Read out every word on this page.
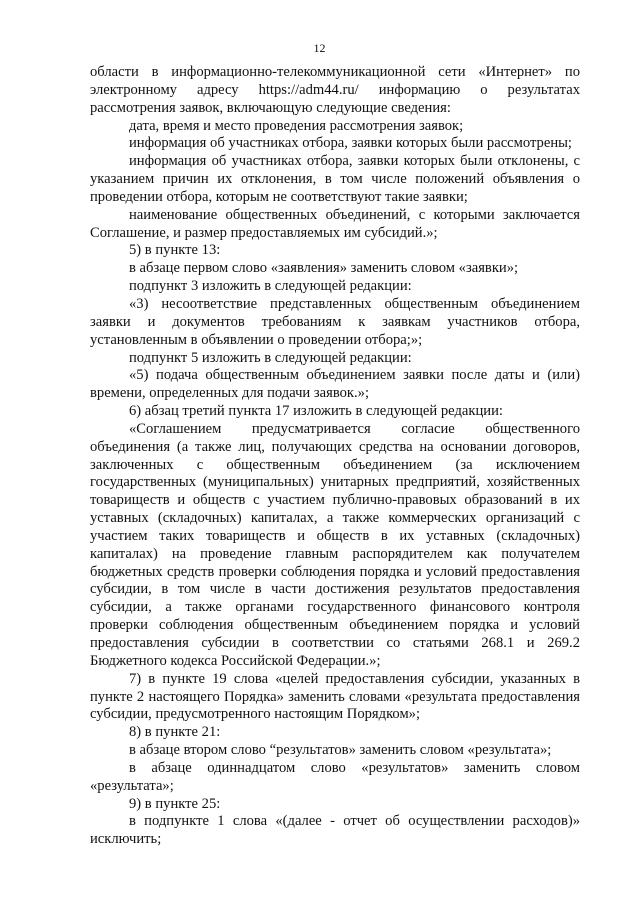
12

области в информационно-телекоммуникационной сети «Интернет» по электронному адресу https://adm44.ru/ информацию о результатах рассмотрения заявок, включающую следующие сведения:

дата, время и место проведения рассмотрения заявок;

информация об участниках отбора, заявки которых были рассмотрены;

информация об участниках отбора, заявки которых были отклонены, с указанием причин их отклонения, в том числе положений объявления о проведении отбора, которым не соответствуют такие заявки;

наименование общественных объединений, с которыми заключается Соглашение, и размер предоставляемых им субсидий.»;

5) в пункте 13:

в абзаце первом слово «заявления» заменить словом «заявки»;

подпункт 3 изложить в следующей редакции:

«3) несоответствие представленных общественным объединением заявки и документов требованиям к заявкам участников отбора, установленным в объявлении о проведении отбора;»;

подпункт 5 изложить в следующей редакции:

«5) подача общественным объединением заявки после даты и (или) времени, определенных для подачи заявок.»;

6) абзац третий пункта 17 изложить в следующей редакции:

«Соглашением предусматривается согласие общественного объединения (а также лиц, получающих средства на основании договоров, заключенных с общественным объединением (за исключением государственных (муниципальных) унитарных предприятий, хозяйственных товариществ и обществ с участием публично-правовых образований в их уставных (складочных) капиталах, а также коммерческих организаций с участием таких товариществ и обществ в их уставных (складочных) капиталах) на проведение главным распорядителем как получателем бюджетных средств проверки соблюдения порядка и условий предоставления субсидии, в том числе в части достижения результатов предоставления субсидии, а также органами государственного финансового контроля проверки соблюдения общественным объединением порядка и условий предоставления субсидии в соответствии со статьями 268.1 и 269.2 Бюджетного кодекса Российской Федерации.»;

7) в пункте 19 слова «целей предоставления субсидии, указанных в пункте 2 настоящего Порядка» заменить словами «результата предоставления субсидии, предусмотренного настоящим Порядком»;

8) в пункте 21:

в абзаце втором слово “результатов» заменить словом «результата»;

в абзаце одиннадцатом слово «результатов» заменить словом «результата»;

9) в пункте 25:

в подпункте 1 слова «(далее - отчет об осуществлении расходов)» исключить;
